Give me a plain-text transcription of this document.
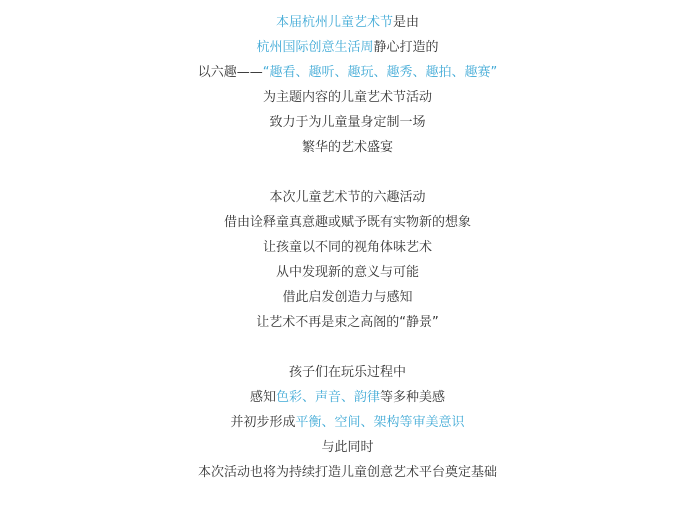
本届杭州儿童艺术节是由
杭州国际创意生活周静心打造的
以六趣——“趣看、趣听、趣玩、趣秀、趣拍、趣赛”
为主题内容的儿童艺术节活动
致力于为儿童量身定制一场
繁华的艺术盛宴
本次儿童艺术节的六趣活动
借由诠释童真意趣或赋予既有实物新的想象
让孩童以不同的视角体味艺术
从中发现新的意义与可能
借此启发创造力与感知
让艺术不再是束之高阁的“静景”
孩子们在玩乐过程中
感知色彩、声音、韵律等多种美感
并初步形成平衡、空间、架构等审美意识
与此同时
本次活动也将为持续打造儿童创意艺术平台奠定基础
